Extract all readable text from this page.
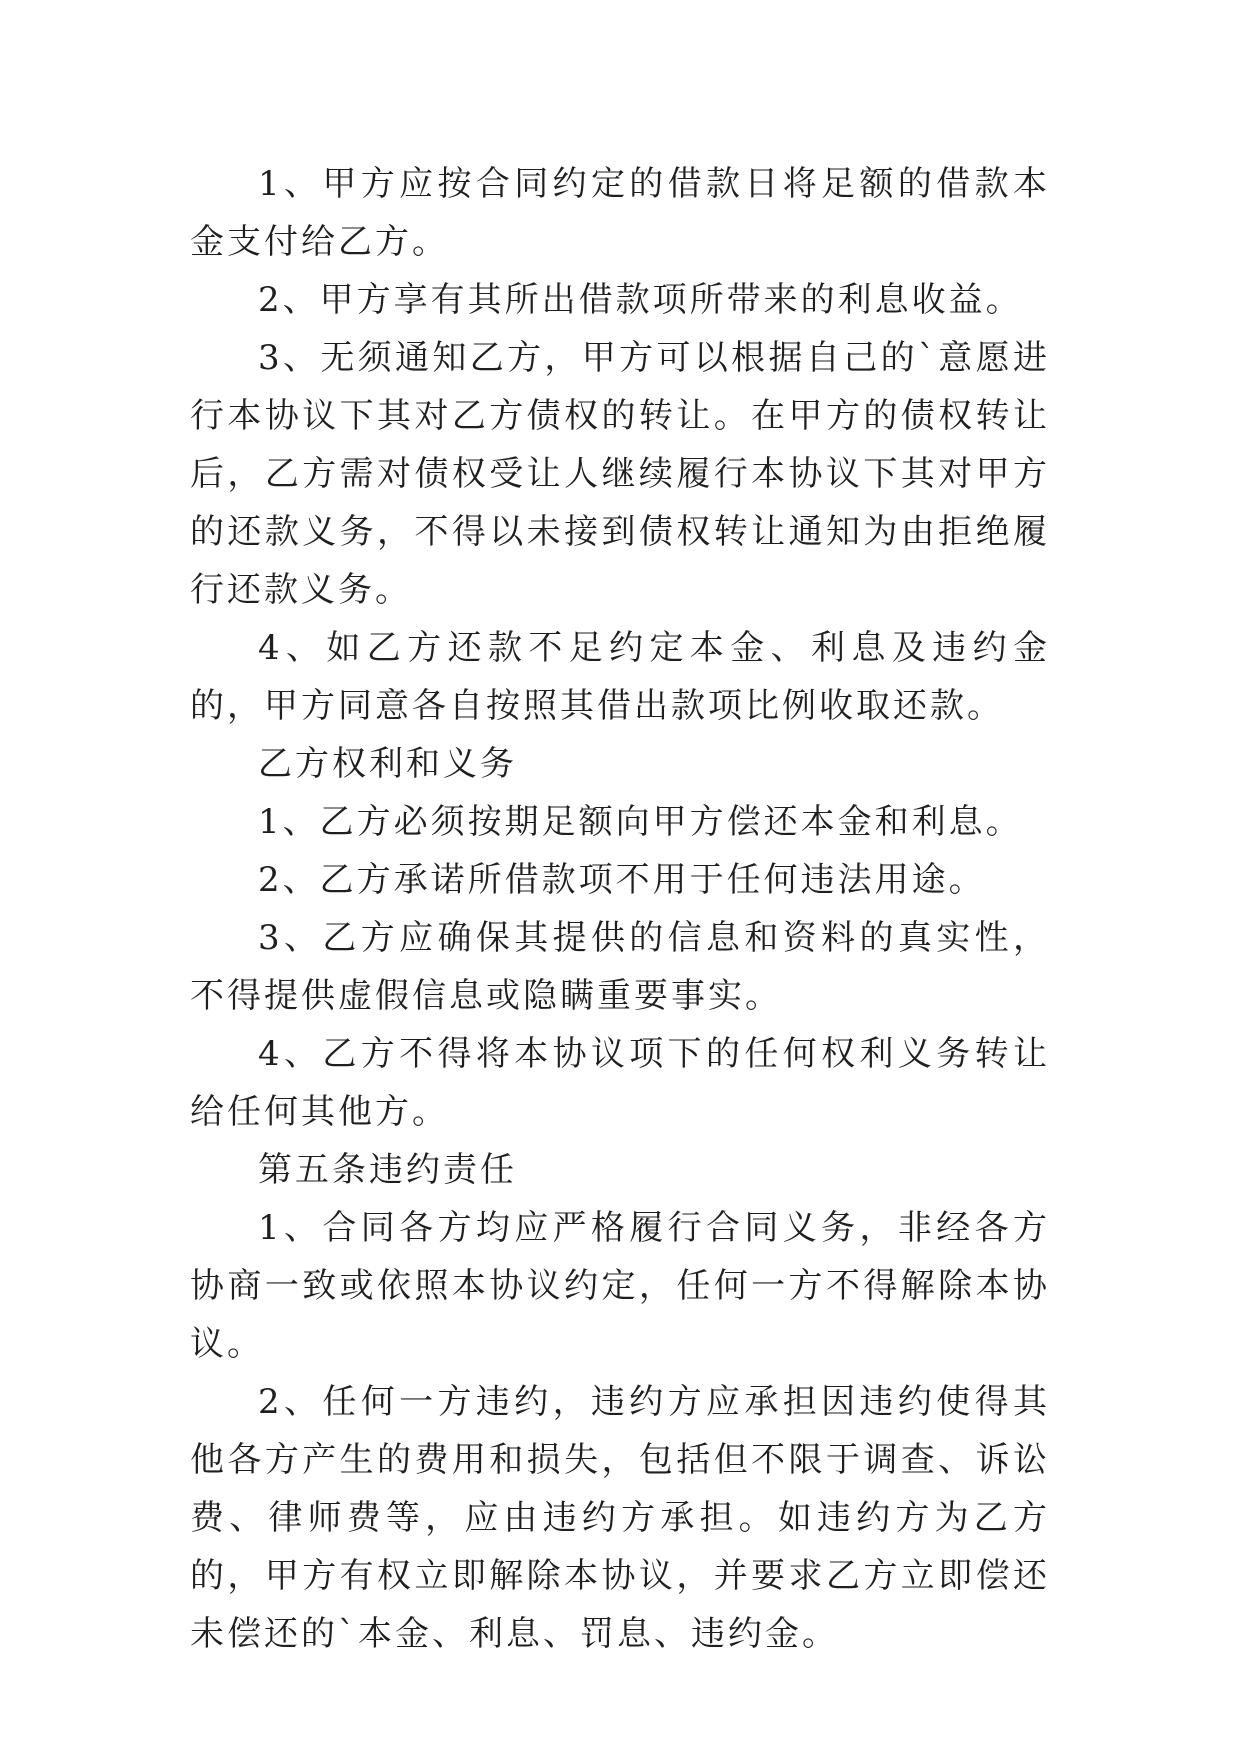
1、甲方应按合同约定的借款日将足额的借款本金支付给乙方。

2、甲方享有其所出借款项所带来的利息收益。

3、无须通知乙方，甲方可以根据自己的`意愿进行本协议下其对乙方债权的转让。在甲方的债权转让后，乙方需对债权受让人继续履行本协议下其对甲方的还款义务，不得以未接到债权转让通知为由拒绝履行还款义务。

4、如乙方还款不足约定本金、利息及违约金的，甲方同意各自按照其借出款项比例收取还款。

乙方权利和义务

1、乙方必须按期足额向甲方偿还本金和利息。

2、乙方承诺所借款项不用于任何违法用途。

3、乙方应确保其提供的信息和资料的真实性，不得提供虚假信息或隐瞒重要事实。

4、乙方不得将本协议项下的任何权利义务转让给任何其他方。

第五条违约责任

1、合同各方均应严格履行合同义务，非经各方协商一致或依照本协议约定，任何一方不得解除本协议。

2、任何一方违约，违约方应承担因违约使得其他各方产生的费用和损失，包括但不限于调查、诉讼费、律师费等，应由违约方承担。如违约方为乙方的，甲方有权立即解除本协议，并要求乙方立即偿还未偿还的`本金、利息、罚息、违约金。
